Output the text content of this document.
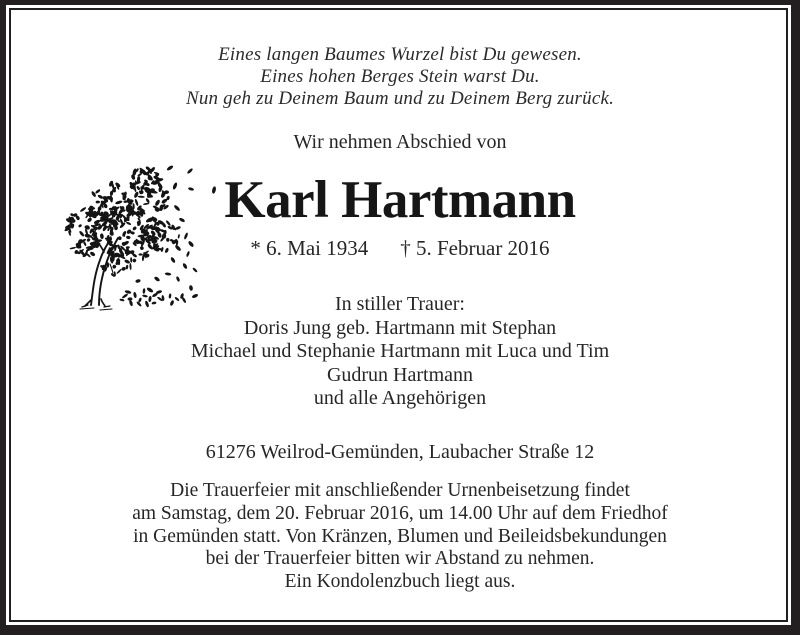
Eines langen Baumes Wurzel bist Du gewesen.
Eines hohen Berges Stein warst Du.
Nun geh zu Deinem Baum und zu Deinem Berg zurück.
Wir nehmen Abschied von
Karl Hartmann
* 6. Mai 1934 † 5. Februar 2016
In stiller Trauer:
Doris Jung geb. Hartmann mit Stephan
Michael und Stephanie Hartmann mit Luca und Tim
Gudrun Hartmann
und alle Angehörigen
61276 Weilrod-Gemünden, Laubacher Straße 12
Die Trauerfeier mit anschließender Urnenbeisetzung findet
am Samstag, dem 20. Februar 2016, um 14.00 Uhr auf dem Friedhof
in Gemünden statt. Von Kränzen, Blumen und Beileidsbekundungen
bei der Trauerfeier bitten wir Abstand zu nehmen.
Ein Kondolenzbuch liegt aus.
